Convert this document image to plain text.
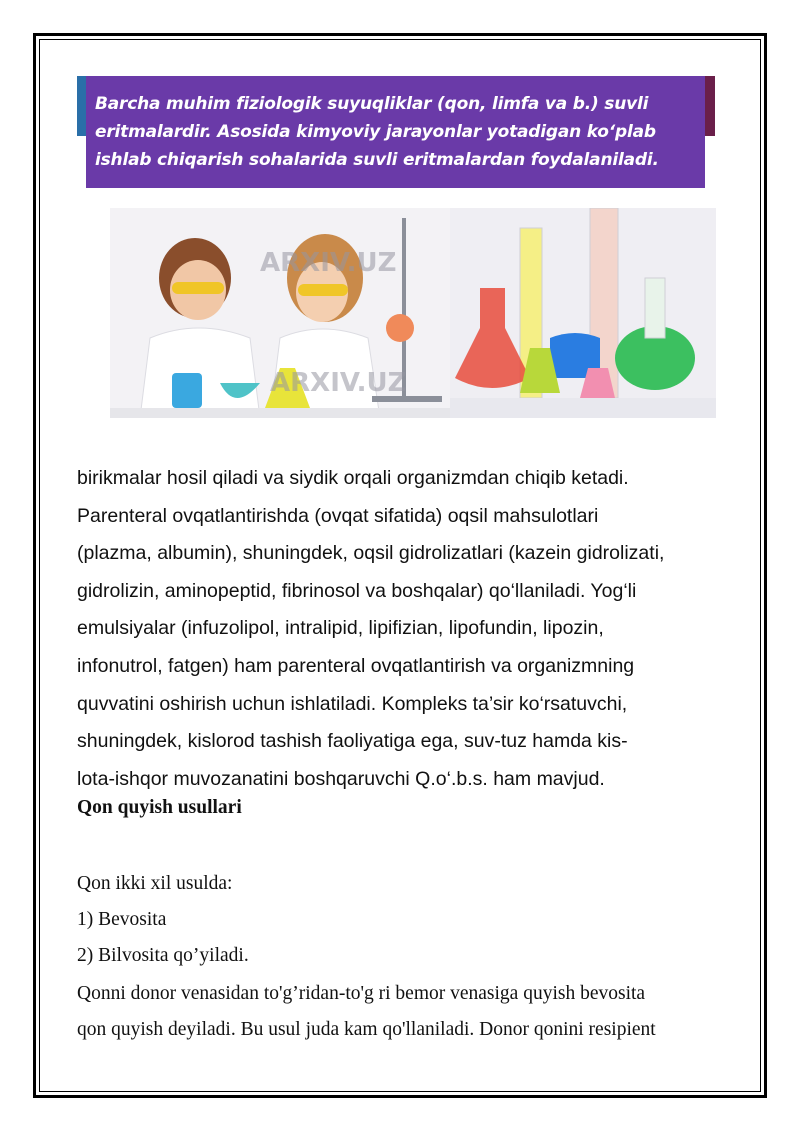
Barcha muhim fiziologik suyuqliklar (qon, limfa va b.) suvli
eritmalardir. Asosida kimyoviy jarayonlar yotadigan ko‘plab
ishlab chiqarish sohalarida suvli eritmalardan foydalaniladi.
ARXIV.UZ
ARXIV.UZ

birikmalar hosil qiladi va siydik orqali organizmdan chiqib ketadi.

Parenteral ovqatlantirishda (ovqat sifatida) oqsil mahsulotlari

(plazma, albumin), shuningdek, oqsil gidrolizatlari (kazein gidrolizati,

gidrolizin, aminopeptid, fibrinosol va boshqalar) qo‘llaniladi. Yog‘li

emulsiyalar (infuzolipol, intralipid, lipifizian, lipofundin, lipozin,

infonutrol, fatgen) ham parenteral ovqatlantirish va organizmning

quvvatini oshirish uchun ishlatiladi. Kompleks ta’sir ko‘rsatuvchi,

shuningdek, kislorod tashish faoliyatiga ega, suv-tuz hamda kis-

lota-ishqor muvozanatini boshqaruvchi Q.o‘.b.s. ham mavjud.

Qon quyish usullari
Qon ikki xil usulda:
1) Bevosita
2) Bilvosita qo’yiladi.
Qonni donor venasidan to'g’ridan-to'g ri bemor venasiga quyish bevosita
qon quyish deyiladi. Bu usul juda kam qo'llaniladi. Donor qonini resipient
